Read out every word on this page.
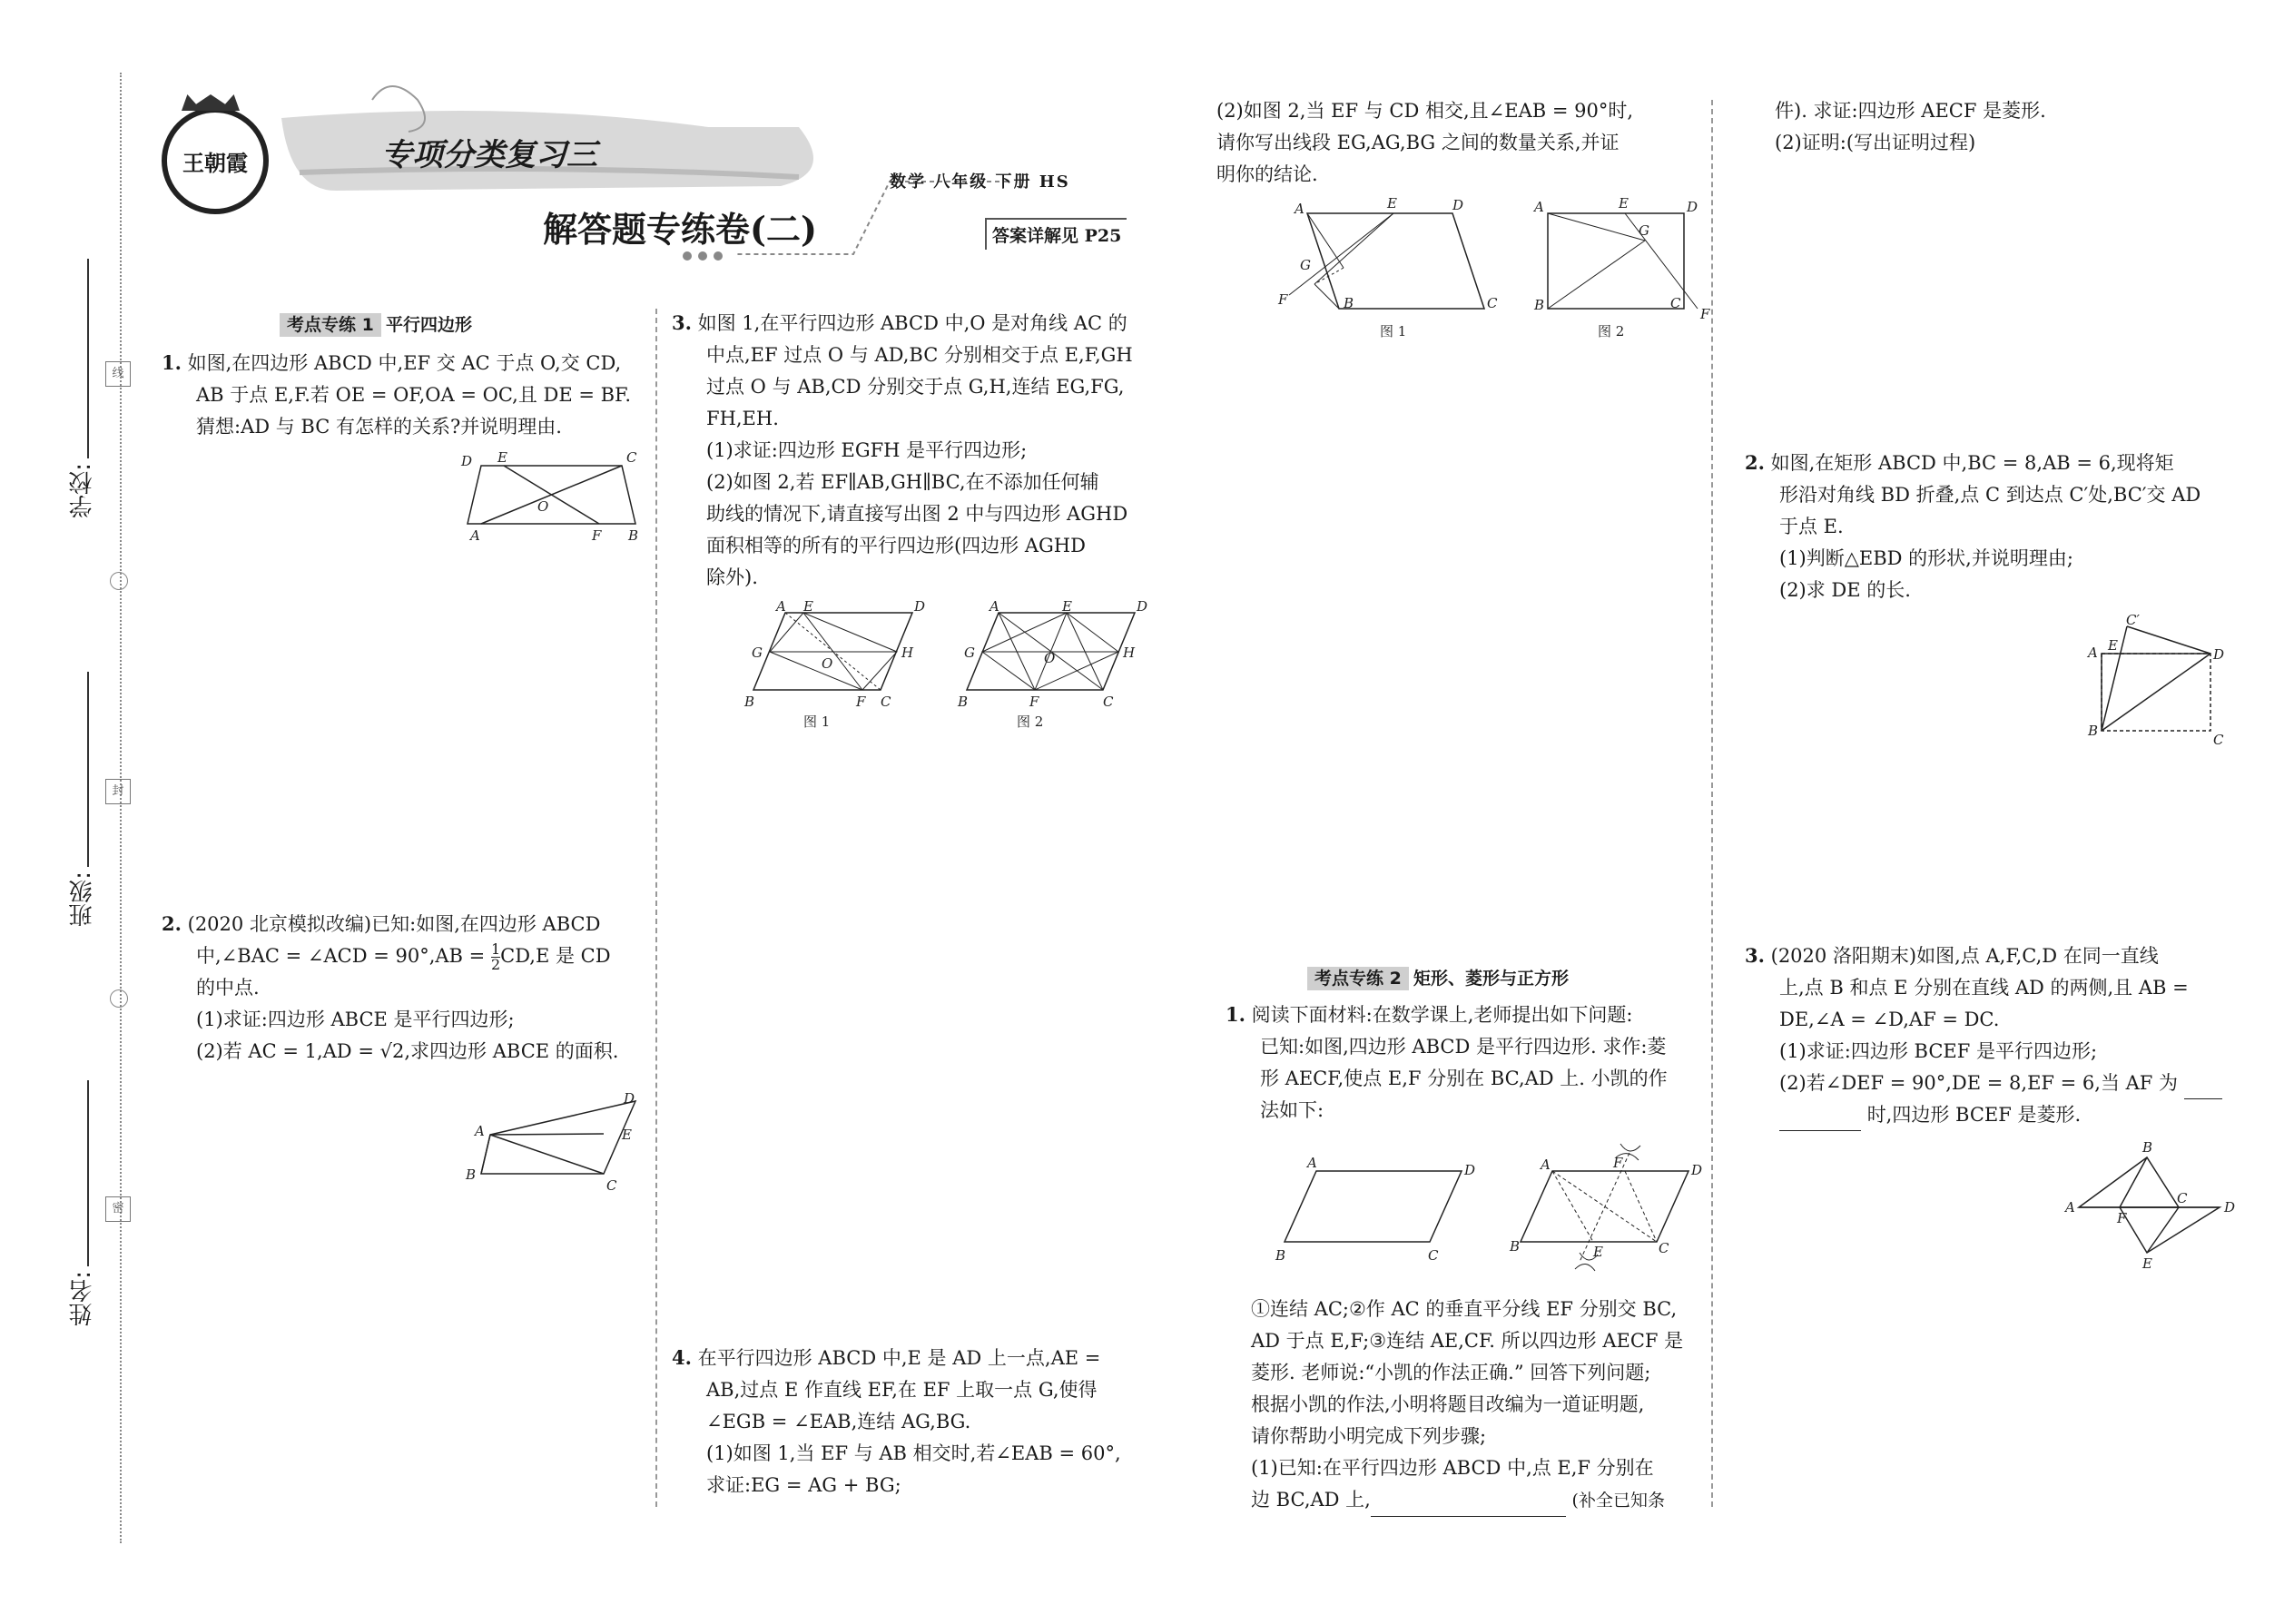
学校:
班级:
姓名:
线
封
密
王朝霞	专项分类复习三
解答题专练卷(二)
数学 八年级 下册 HS
答案详解见 P25
考点专练 1 平行四边形

1. 如图,在四边形 ABCD 中,EF 交 AC 于点 O,交 CD,

AB 于点 E,F.若 OE = OF,OA = OC,且 DE = BF.

猜想:AD 与 BC 有怎样的关系?并说明理由.

D E	C
O
A	F B

2. (2020 北京模拟改编)已知:如图,在四边形 ABCD

中,∠BAC = ∠ACD = $90^\circ,AB = \frac{1}{2} CD,E$ 是 CD

的中点.

(1)求证:四边形 ABCE 是平行四边形;

(2)若 AC = 1,AD = √2,求四边形 ABCE 的面积.

A
D
E
B
C

3. 如图 1,在平行四边形 ABCD 中,O 是对角线 AC 的

中点,EF 过点 O 与 AD,BC 分别相交于点 E,F,GH

过点 O 与 AB,CD 分别交于点 G,H,连结 EG,FG,

FH,EH.

(1)求证:四边形 EGFH 是平行四边形;

(2)如图 2,若 EF∥AB,GH∥BC,在不添加任何辅

助线的情况下,请直接写出图 2 中与四边形 AGHD

面积相等的所有的平行四边形(四边形 AGHD

除外).

A E	D
G	H
O
B	F C
图 1
A	E	D
G	H
O
B	F	C
图 2

4. 在平行四边形 ABCD 中,E 是 AD 上一点,AE =

AB,过点 E 作直线 EF,在 EF 上取一点 G,使得

∠EGB = ∠EAB,连结 AG,BG.

(1)如图 1,当 EF 与 AB 相交时,若∠EAB = 60°,

求证:EG = AG + BG;

(2)如图 2,当 EF 与 CD 相交,且∠EAB = 90°时,

请你写出线段 EG,AG,BG 之间的数量关系,并证

明你的结论.

A	E	D
G
F	B	C
图 1
A	E
G
D
B	C
F
图 2
考点专练 2 矩形、菱形与正方形

1. 阅读下面材料:在数学课上,老师提出如下问题:

已知:如图,四边形 ABCD 是平行四边形. 求作:菱

形 AECF,使点 E,F 分别在 BC,AD 上. 小凯的作

法如下:

A	D
B	C
A	F	D
B	E	C

①连结 AC;②作 AC 的垂直平分线 EF 分别交 BC,

AD 于点 E,F;③连结 AE,CF. 所以四边形 AECF 是

菱形. 老师说:“小凯的作法正确.” 回答下列问题;

根据小凯的作法,小明将题目改编为一道证明题,

请你帮助小明完成下列步骤;

(1)已知:在平行四边形 ABCD 中,点 E,F 分别在

边 BC,AD 上,	(补全已知条

件). 求证:四边形 AECF 是菱形.

(2)证明:(写出证明过程)

2. 如图,在矩形 ABCD 中,BC = 8,AB = 6,现将矩

形沿对角线 BD 折叠,点 C 到达点 C′处,BC′交 AD

于点 E.

(1)判断△EBD 的形状,并说明理由;

(2)求 DE 的长.

C′
A E
D
B
C

3. (2020 洛阳期末)如图,点 A,F,C,D 在同一直线

上,点 B 和点 E 分别在直线 AD 的两侧,且 AB =

DE,∠A = ∠D,AF = DC.

(1)求证:四边形 BCEF 是平行四边形;

(2)若∠DEF = 90°,DE = 8,EF = 6,当 AF 为

时,四边形 BCEF 是菱形.

B
A
F
C
D
E
